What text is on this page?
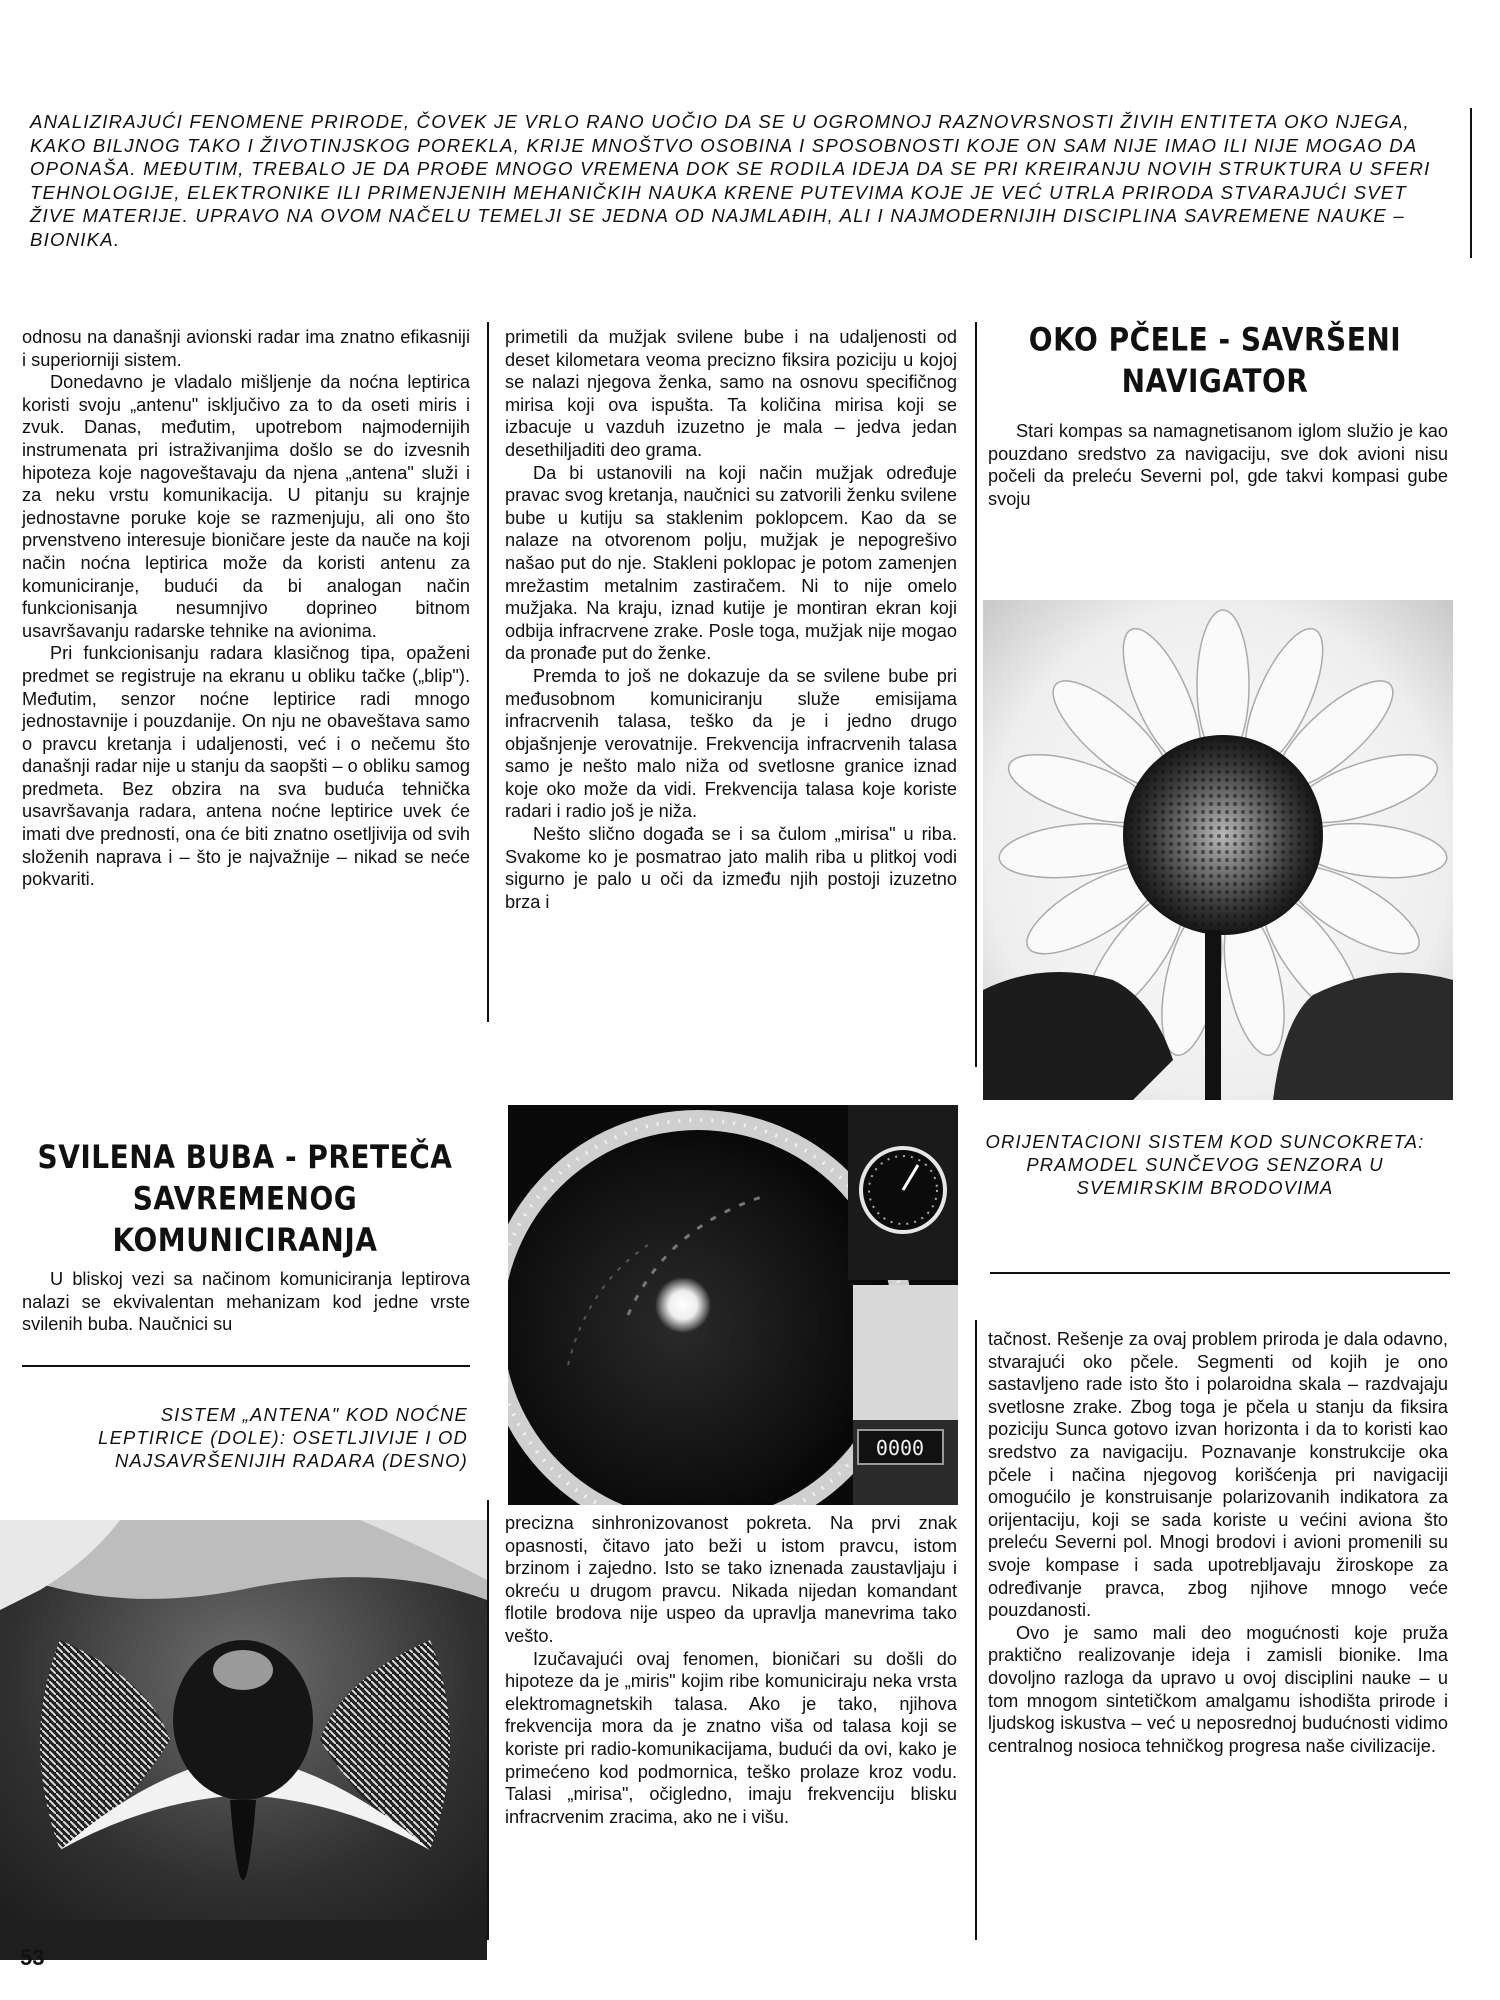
ANALIZIRAJUĆI FENOMENE PRIRODE, ČOVEK JE VRLO RANO UOČIO DA SE U OGROMNOJ RAZNOVRSNOSTI ŽIVIH ENTITETA OKO NJEGA, KAKO BILJNOG TAKO I ŽIVOTINJSKOG POREKLA, KRIJE MNOŠTVO OSOBINA I SPOSOBNOSTI KOJE ON SAM NIJE IMAO ILI NIJE MOGAO DA OPONAŠA. MEĐUTIM, TREBALO JE DA PROĐE MNOGO VREMENA DOK SE RODILA IDEJA DA SE PRI KREIRANJU NOVIH STRUKTURA U SFERI TEHNOLOGIJE, ELEKTRONIKE ILI PRIMENJENIH MEHANIČKIH NAUKA KRENE PUTEVIMA KOJE JE VEĆ UTRLA PRIRODA STVARAJUĆI SVET ŽIVE MATERIJE. UPRAVO NA OVOM NAČELU TEMELJI SE JEDNA OD NAJMLAĐIH, ALI I NAJMODERNIJIH DISCIPLINA SAVREMENE NAUKE – BIONIKA.

odnosu na današnji avionski radar ima znatno efikasniji i superiorniji sistem.

Donedavno je vladalo mišljenje da noćna leptirica koristi svoju „antenu" isključivo za to da oseti miris i zvuk. Danas, međutim, upotrebom najmodernijih instrumenata pri istraživanjima došlo se do izvesnih hipoteza koje nagoveštavaju da njena „antena" služi i za neku vrstu komunikacija. U pitanju su krajnje jednostavne poruke koje se razmenjuju, ali ono što prvenstveno interesuje bioničare jeste da nauče na koji način noćna leptirica može da koristi antenu za komuniciranje, budući da bi analogan način funkcionisanja nesumnjivo doprineo bitnom usavršavanju radarske tehnike na avionima.

Pri funkcionisanju radara klasičnog tipa, opaženi predmet se registruje na ekranu u obliku tačke („blip"). Međutim, senzor noćne leptirice radi mnogo jednostavnije i pouzdanije. On nju ne obaveštava samo o pravcu kretanja i udaljenosti, već i o nečemu što današnji radar nije u stanju da saopšti – o obliku samog predmeta. Bez obzira na sva buduća tehnička usavršavanja radara, antena noćne leptirice uvek će imati dve prednosti, ona će biti znatno osetljivija od svih složenih naprava i – što je najvažnije – nikad se neće pokvariti.

SVILENA BUBA - PRETEČA SAVREMENOG KOMUNICIRANJA

U bliskoj vezi sa načinom komuniciranja leptirova nalazi se ekvivalentan mehanizam kod jedne vrste svilenih buba. Naučnici su

SISTEM „ANTENA" KOD NOĆNE LEPTIRICE (DOLE): OSETLJIVIJE I OD NAJSAVRŠENIJIH RADARA (DESNO)

primetili da mužjak svilene bube i na udaljenosti od deset kilometara veoma precizno fiksira poziciju u kojoj se nalazi njegova ženka, samo na osnovu specifičnog mirisa koji ova ispušta. Ta količina mirisa koji se izbacuje u vazduh izuzetno je mala – jedva jedan desethiljaditi deo grama.

Da bi ustanovili na koji način mužjak određuje pravac svog kretanja, naučnici su zatvorili ženku svilene bube u kutiju sa staklenim poklopcem. Kao da se nalaze na otvorenom polju, mužjak je nepogrešivo našao put do nje. Stakleni poklopac je potom zamenjen mrežastim metalnim zastiračem. Ni to nije omelo mužjaka. Na kraju, iznad kutije je montiran ekran koji odbija infracrvene zrake. Posle toga, mužjak nije mogao da pronađe put do ženke.

Premda to još ne dokazuje da se svilene bube pri međusobnom komuniciranju služe emisijama infracrvenih talasa, teško da je i jedno drugo objašnjenje verovatnije. Frekvencija infracrvenih talasa samo je nešto malo niža od svetlosne granice iznad koje oko može da vidi. Frekvencija talasa koje koriste radari i radio još je niža.

Nešto slično događa se i sa čulom „mirisa" u riba. Svakome ko je posmatrao jato malih riba u plitkoj vodi sigurno je palo u oči da između njih postoji izuzetno brza i

0000

precizna sinhronizovanost pokreta. Na prvi znak opasnosti, čitavo jato beži u istom pravcu, istom brzinom i zajedno. Isto se tako iznenada zaustavljaju i okreću u drugom pravcu. Nikada nijedan komandant flotile brodova nije uspeo da upravlja manevrima tako vešto.

Izučavajući ovaj fenomen, bioničari su došli do hipoteze da je „miris" kojim ribe komuniciraju neka vrsta elektromagnetskih talasa. Ako je tako, njihova frekvencija mora da je znatno viša od talasa koji se koriste pri radio-komunikacijama, budući da ovi, kako je primećeno kod podmornica, teško prolaze kroz vodu. Talasi „mirisa", očigledno, imaju frekvenciju blisku infracrvenim zracima, ako ne i višu.

OKO PČELE - SAVRŠENI NAVIGATOR

Stari kompas sa namagnetisanom iglom služio je kao pouzdano sredstvo za navigaciju, sve dok avioni nisu počeli da preleću Severni pol, gde takvi kompasi gube svoju

ORIJENTACIONI SISTEM KOD SUNCOKRETA: PRAMODEL SUNČEVOG SENZORA U SVEMIRSKIM BRODOVIMA

tačnost. Rešenje za ovaj problem priroda je dala odavno, stvarajući oko pčele. Segmenti od kojih je ono sastavljeno rade isto što i polaroidna skala – razdvajaju svetlosne zrake. Zbog toga je pčela u stanju da fiksira poziciju Sunca gotovo izvan horizonta i da to koristi kao sredstvo za navigaciju. Poznavanje konstrukcije oka pčele i načina njegovog korišćenja pri navigaciji omogućilo je konstruisanje polarizovanih indikatora za orijentaciju, koji se sada koriste u većini aviona što preleću Severni pol. Mnogi brodovi i avioni promenili su svoje kompase i sada upotrebljavaju žiroskope za određivanje pravca, zbog njihove mnogo veće pouzdanosti.

Ovo je samo mali deo mogućnosti koje pruža praktično realizovanje ideja i zamisli bionike. Ima dovoljno razloga da upravo u ovoj disciplini nauke – u tom mnogom sintetičkom amalgamu ishodišta prirode i ljudskog iskustva – već u neposrednoj budućnosti vidimo centralnog nosioca tehničkog progresa naše civilizacije.

53
